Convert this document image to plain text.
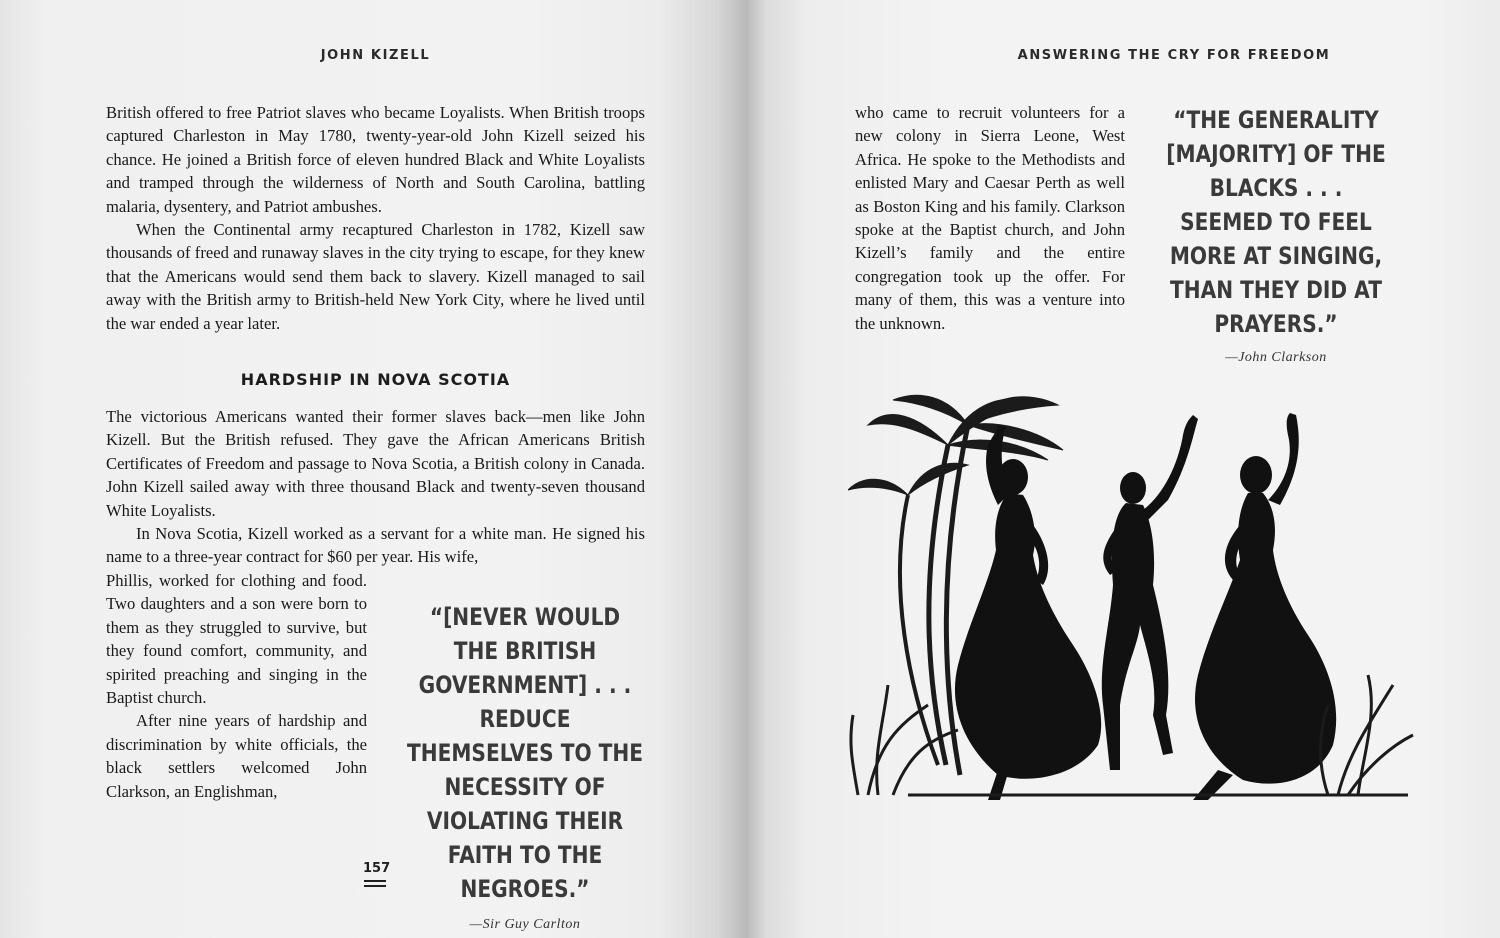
JOHN KIZELL

British offered to free Patriot slaves who became Loyalists. When British troops captured Charleston in May 1780, twenty-year-old John Kizell seized his chance. He joined a British force of eleven hundred Black and White Loyalists and tramped through the wilderness of North and South Carolina, battling malaria, dysentery, and Patriot ambushes.

When the Continental army recaptured Charleston in 1782, Kizell saw thousands of freed and runaway slaves in the city trying to escape, for they knew that the Americans would send them back to slavery. Kizell managed to sail away with the British army to British-held New York City, where he lived until the war ended a year later.

HARDSHIP IN NOVA SCOTIA

The victorious Americans wanted their former slaves back—men like John Kizell. But the British refused. They gave the African Americans British Certificates of Freedom and passage to Nova Scotia, a British colony in Canada. John Kizell sailed away with three thousand Black and twenty-seven thousand White Loyalists.

In Nova Scotia, Kizell worked as a servant for a white man. He signed his name to a three-year contract for $60 per year. His wife,

Phillis, worked for clothing and food. Two daughters and a son were born to them as they struggled to survive, but they found comfort, community, and spirited preaching and singing in the Baptist church.

After nine years of hardship and discrimination by white officials, the black settlers welcomed John Clarkson, an Englishman,

“[NEVER WOULD THE BRITISH GOVERNMENT] . . . REDUCE THEMSELVES TO THE NECESSITY OF VIOLATING THEIR FAITH TO THE NEGROES.”
—Sir Guy Carlton
157
ANSWERING THE CRY FOR FREEDOM

who came to recruit volunteers for a new colony in Sierra Leone, West Africa. He spoke to the Methodists and enlisted Mary and Caesar Perth as well as Boston King and his family. Clarkson spoke at the Baptist church, and John Kizell’s family and the entire congregation took up the offer. For many of them, this was a venture into the unknown.

“THE GENERALITY [MAJORITY] OF THE BLACKS . . . SEEMED TO FEEL MORE AT SINGING, THAN THEY DID AT PRAYERS.”
—John Clarkson
